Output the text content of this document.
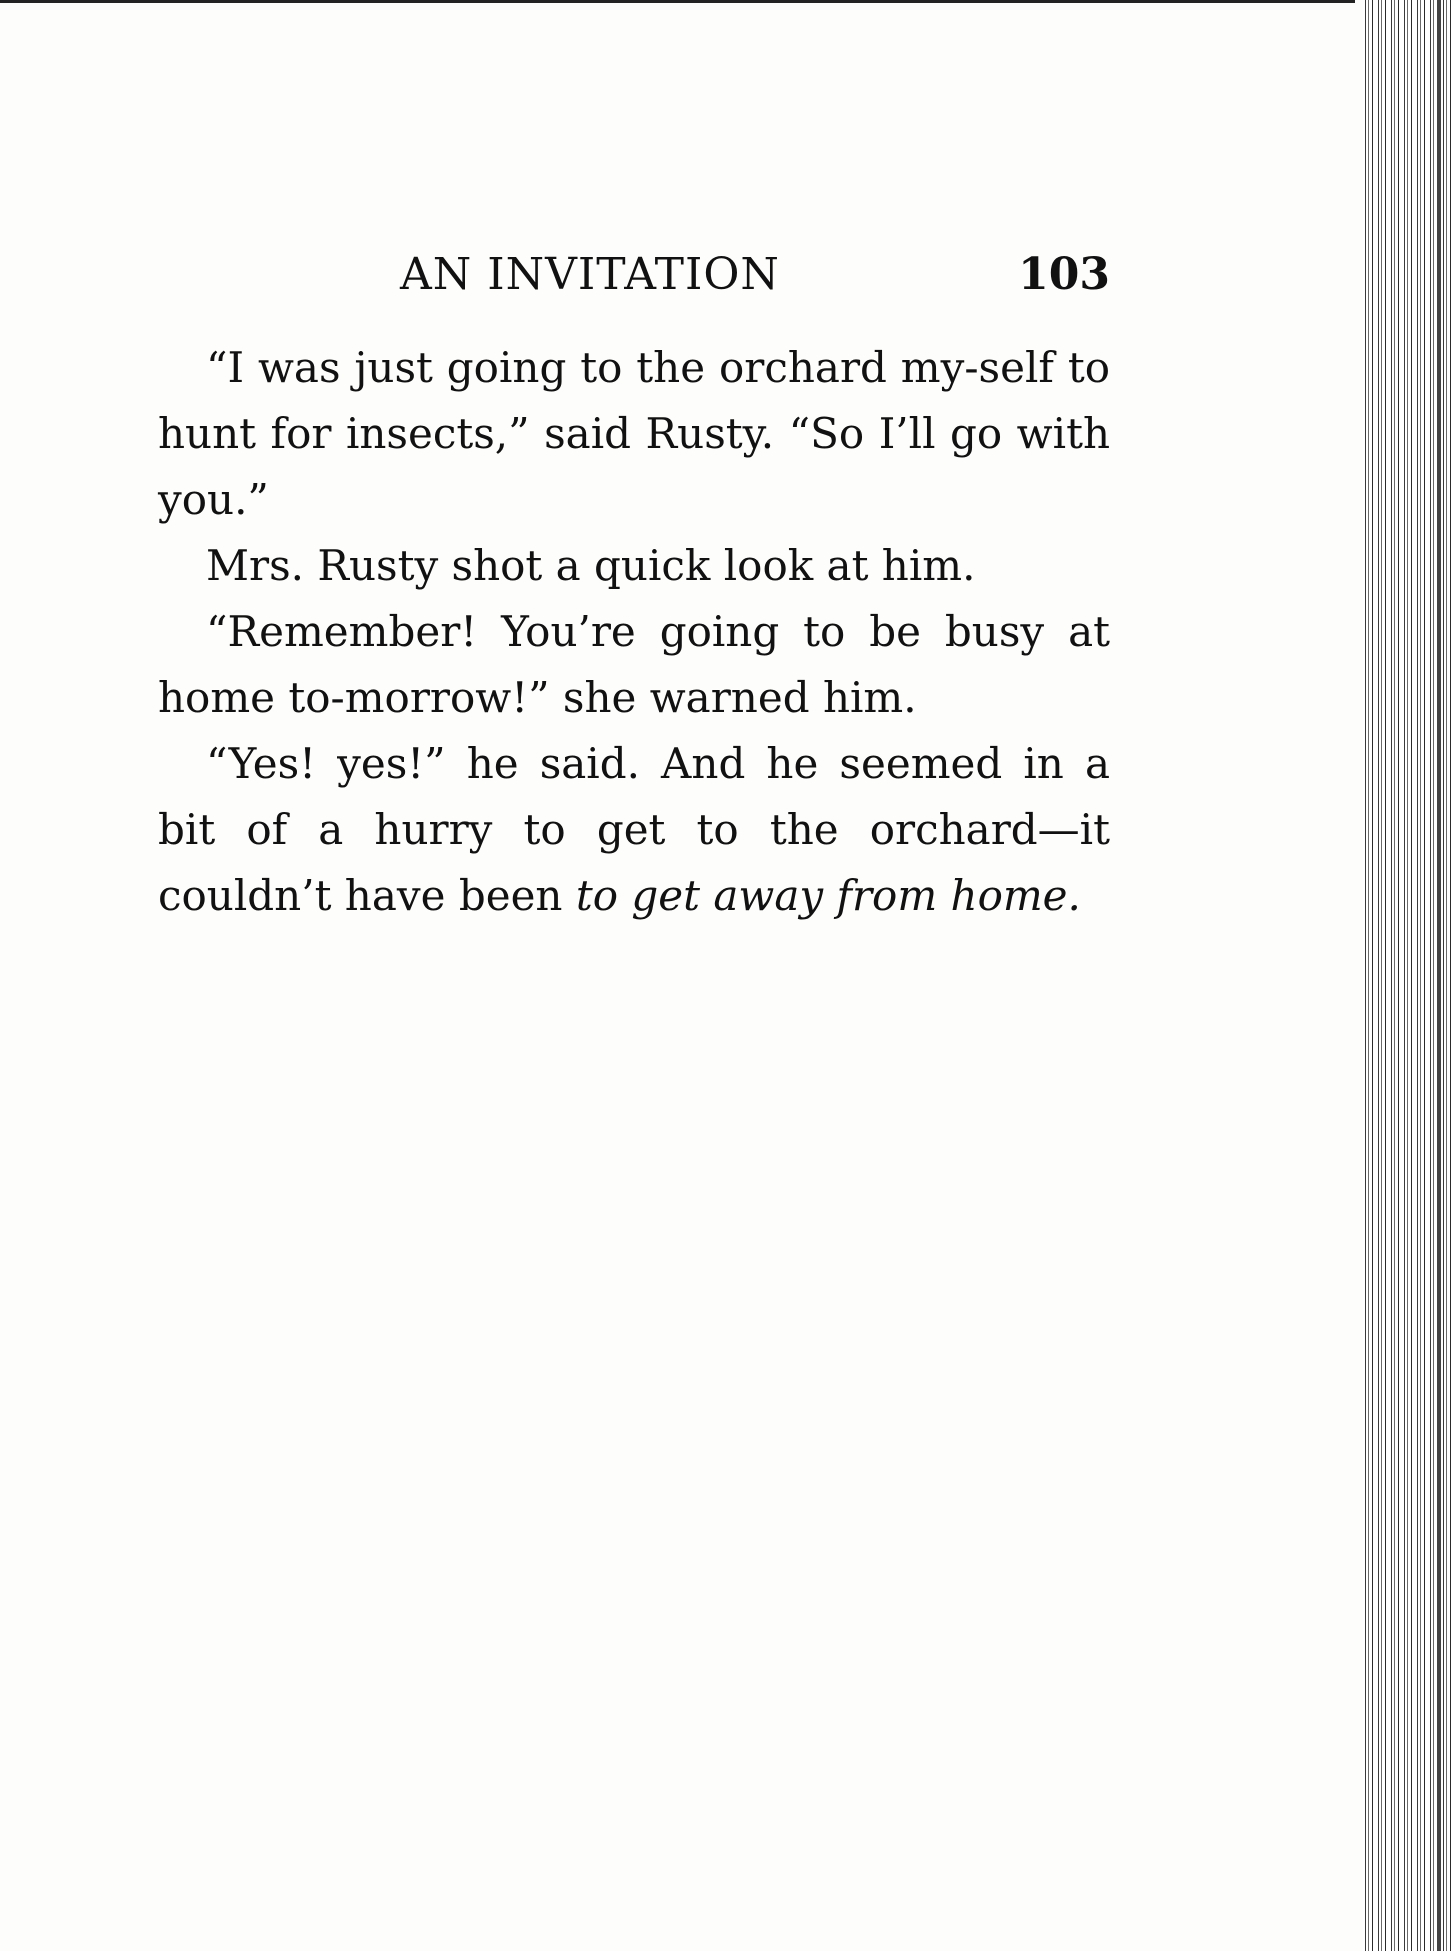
AN INVITATION	103

“I was just going to the orchard my-self to hunt for insects,” said Rusty. “So I’ll go with you.”

Mrs. Rusty shot a quick look at him.

“Remember! You’re going to be busy at home to-morrow!” she warned him.

“Yes! yes!” he said. And he seemed in a bit of a hurry to get to the orchard—it couldn’t have been to get away from home.
